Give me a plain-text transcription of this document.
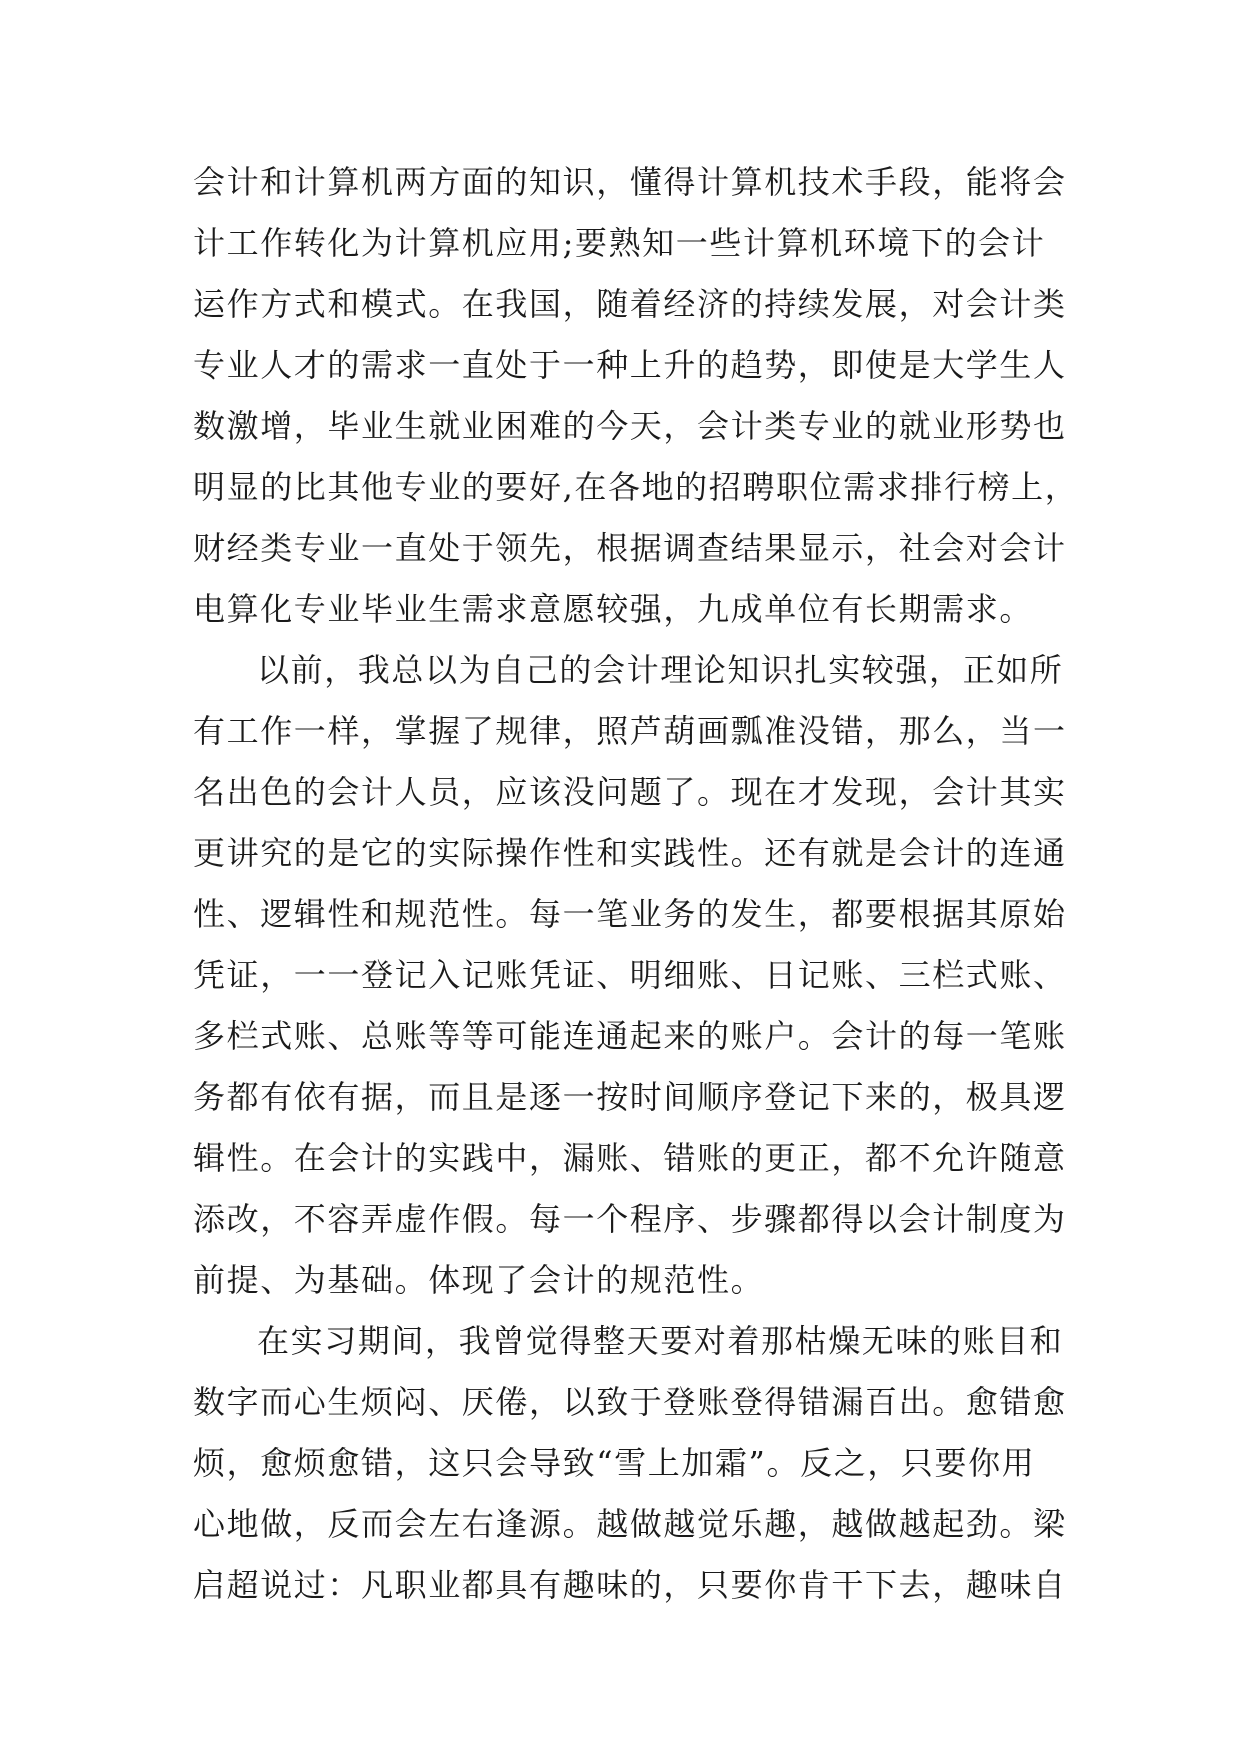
会计和计算机两方面的知识，懂得计算机技术手段，能将会
计工作转化为计算机应用;要熟知一些计算机环境下的会计
运作方式和模式。在我国，随着经济的持续发展，对会计类
专业人才的需求一直处于一种上升的趋势，即使是大学生人
数激增，毕业生就业困难的今天，会计类专业的就业形势也
明显的比其他专业的要好,在各地的招聘职位需求排行榜上，
财经类专业一直处于领先，根据调查结果显示，社会对会计
电算化专业毕业生需求意愿较强，九成单位有长期需求。
以前，我总以为自己的会计理论知识扎实较强，正如所
有工作一样，掌握了规律，照芦葫画瓢准没错，那么，当一
名出色的会计人员，应该没问题了。现在才发现，会计其实
更讲究的是它的实际操作性和实践性。还有就是会计的连通
性、逻辑性和规范性。每一笔业务的发生，都要根据其原始
凭证，一一登记入记账凭证、明细账、日记账、三栏式账、
多栏式账、总账等等可能连通起来的账户。会计的每一笔账
务都有依有据，而且是逐一按时间顺序登记下来的，极具逻
辑性。在会计的实践中，漏账、错账的更正，都不允许随意
添改，不容弄虚作假。每一个程序、步骤都得以会计制度为
前提、为基础。体现了会计的规范性。
在实习期间，我曾觉得整天要对着那枯燥无味的账目和
数字而心生烦闷、厌倦，以致于登账登得错漏百出。愈错愈
烦，愈烦愈错，这只会导致“雪上加霜”。反之，只要你用
心地做，反而会左右逢源。越做越觉乐趣，越做越起劲。梁
启超说过：凡职业都具有趣味的，只要你肯干下去，趣味自
